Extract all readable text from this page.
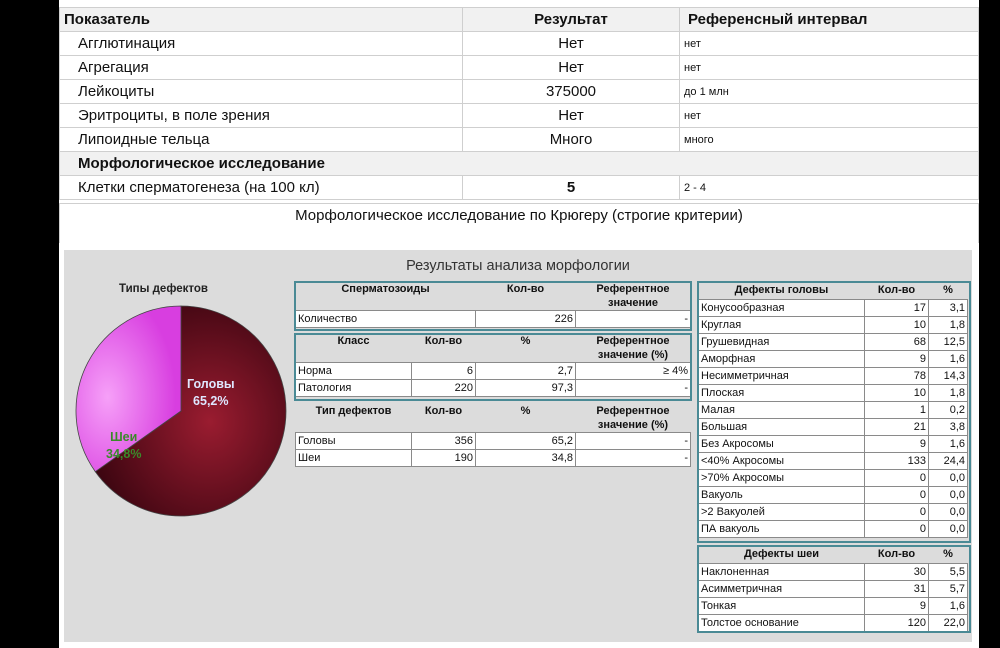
Показатель	Результат	Референсный интервал
Агглютинация	Нет	нет
Агрегация	Нет	нет
Лейкоциты	375000	до 1 млн
Эритроциты, в поле зрения	Нет	нет
Липоидные тельца	Много	много
Морфологическое исследование		
Клетки сперматогенеза (на 100 кл)	5	2 - 4
Морфологическое исследование по Крюгеру (строгие критерии)
Результаты анализа морфологии
Типы дефектов
Головы
65,2%
Шеи
34,8%
Сперматозоиды	Кол-во	Референтное значение
Количество	226	-
Класс	Кол-во	%	Референтное значение (%)
Норма	6	2,7	≥ 4%
Патология	220	97,3	-
Тип дефектов	Кол-во	%	Референтное значение (%)
Головы	356	65,2	-
Шеи	190	34,8	-
Дефекты головы	Кол-во	%
Конусообразная	17	3,1
Круглая	10	1,8
Грушевидная	68	12,5
Аморфная	9	1,6
Несимметричная	78	14,3
Плоская	10	1,8
Малая	1	0,2
Большая	21	3,8
Без Акросомы	9	1,6
<40% Акросомы	133	24,4
>70% Акросомы	0	0,0
Вакуоль	0	0,0
>2 Вакуолей	0	0,0
ПА вакуоль	0	0,0
Дефекты шеи	Кол-во	%
Наклоненная	30	5,5
Асимметричная	31	5,7
Тонкая	9	1,6
Толстое основание	120	22,0
